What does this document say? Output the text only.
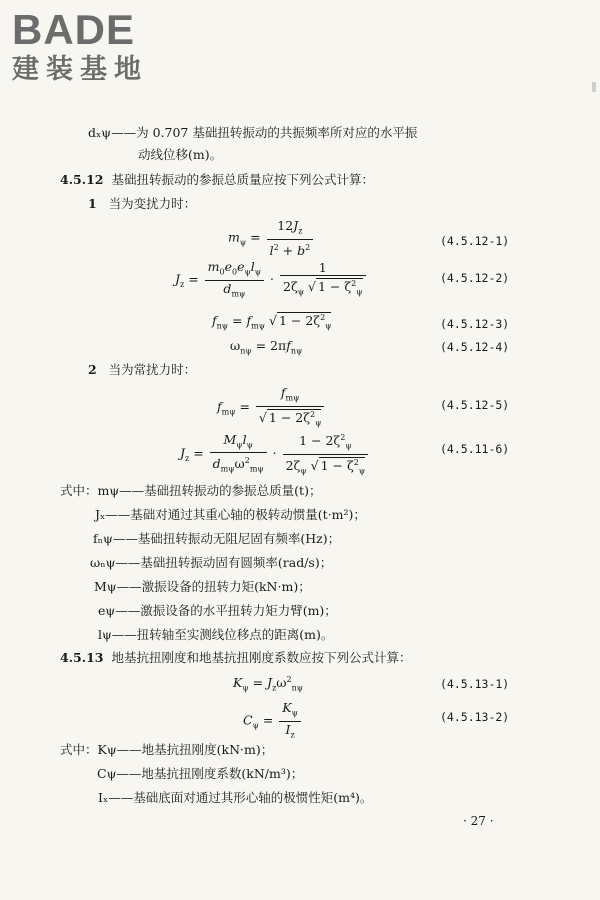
BADE
建装基地
dₓψ——为 0.707 基础扭转振动的共振频率所对应的水平振
动线位移(m)。
4.5.12 基础扭转振动的参振总质量应按下列公式计算：
1 当为变扰力时：
$m_\psi = \frac{12J_z}{l^2 + b^2}$	(4.5.12-1)
$J_z = \frac{m_0e_0e_\psi l_\psi}{d_{m\psi}} \cdot \frac{1}{2\zeta_\psi √ 1 - \zeta^2_\psi}$	(4.5.12-2)
$f_{n\psi} = f_{m\psi}$ √ $1 - 2\zeta^2_\psi$	(4.5.12-3)
$\omega_{n\psi} = 2\pi f_{n\psi}$	(4.5.12-4)
2 当为常扰力时：
$f_{m\psi} = \frac{f_{m\psi}}{√ 1 - 2\zeta^2_\psi}$	(4.5.12-5)
$J_z = \frac{M_\psi l_\psi}{d_{m\psi}\omega^2_{m\psi}} \cdot \frac{1 - 2\zeta^2_\psi}{2\zeta_\psi √ 1 - \zeta^2_\psi}$	(4.5.11-6)
式中：mψ——基础扭转振动的参振总质量(t)；
Jₓ——基础对通过其重心轴的极转动惯量(t·m²)；
fₙψ——基础扭转振动无阻尼固有频率(Hz)；
ωₙψ——基础扭转振动固有圆频率(rad/s)；
Mψ——激振设备的扭转力矩(kN·m)；
eψ——激振设备的水平扭转力矩力臂(m)；
lψ——扭转轴至实测线位移点的距离(m)。
4.5.13 地基抗扭刚度和地基抗扭刚度系数应按下列公式计算：
$K_\psi = J_z\omega^2_{n\psi}$	(4.5.13-1)
$C_\psi = \frac{K_\psi}{I_z}$	(4.5.13-2)
式中：Kψ——地基抗扭刚度(kN·m)；
Cψ——地基抗扭刚度系数(kN/m³)；
Iₓ——基础底面对通过其形心轴的极惯性矩(m⁴)。
· 27 ·
